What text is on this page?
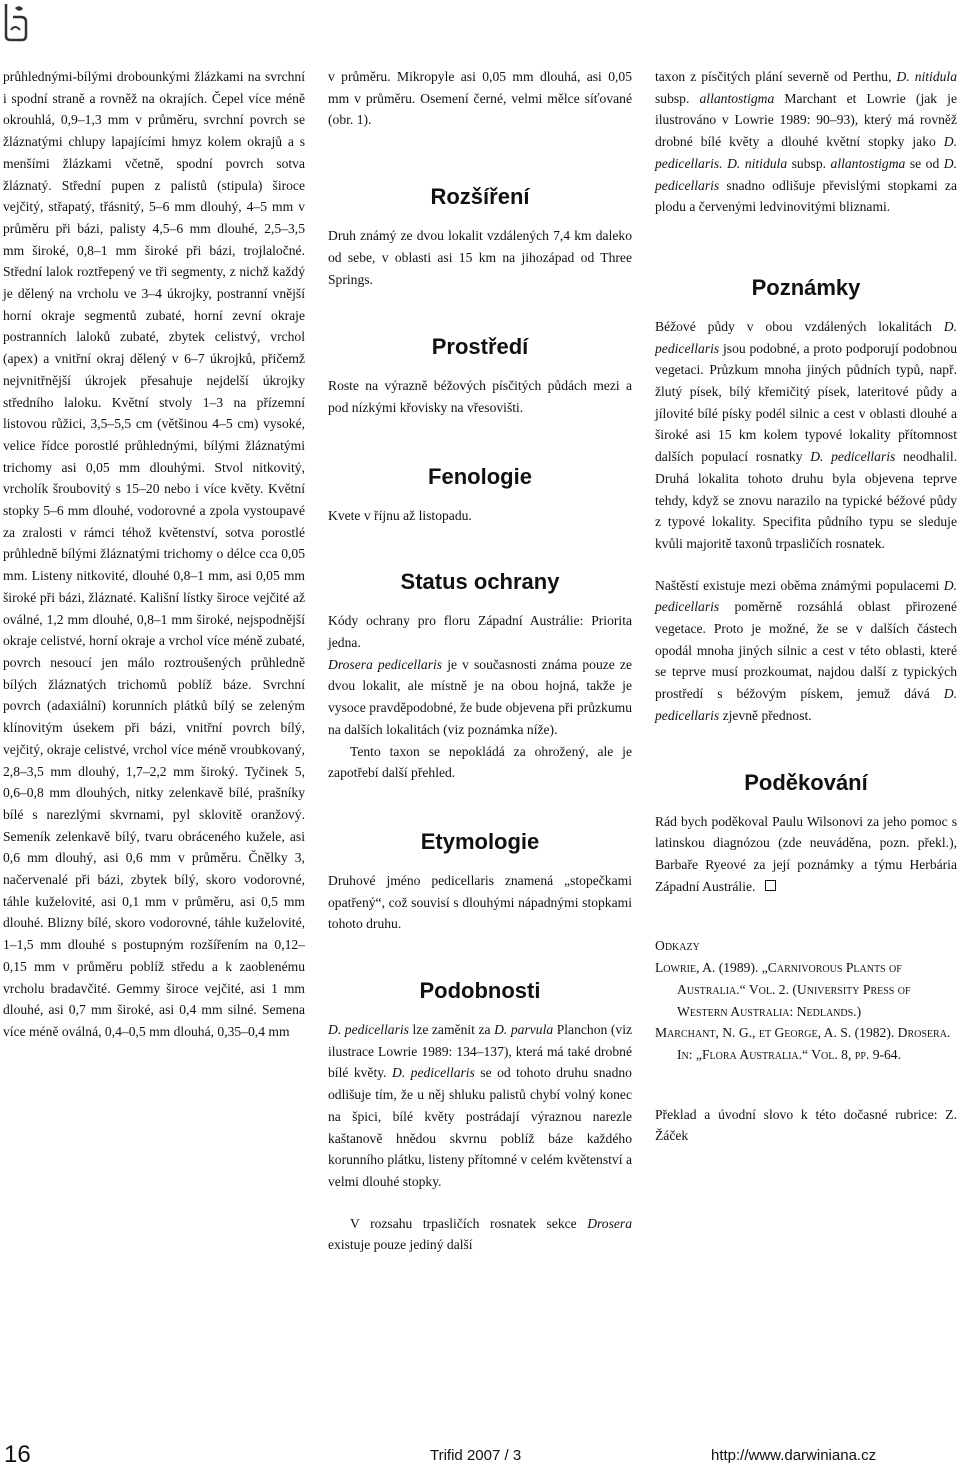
průhlednými-bílými drobounkými žlázkami na svrchní i spodní straně a rovněž na okrajích. Čepel více méně okrouhlá, 0,9–1,3 mm v průměru, svrchní povrch se žláznatými chlupy lapajícími hmyz kolem okrajů a s menšími žlázkami včetně, spodní povrch sotva žláznatý. Střední pupen z palistů (stipula) široce vejčitý, střapatý, třásnitý, 5–6 mm dlouhý, 4–5 mm v průměru při bázi, palisty 4,5–6 mm dlouhé, 2,5–3,5 mm široké, 0,8–1 mm široké při bázi, trojlaločné. Střední lalok roztřepený ve tři segmenty, z nichž každý je dělený na vrcholu ve 3–4 úkrojky, postranní vnější horní okraje segmentů zubaté, horní zevní okraje postranních laloků zubaté, zbytek celistvý, vrchol (apex) a vnitřní okraj dělený v 6–7 úkrojků, přičemž nejvnitřnější úkrojek přesahuje nejdelší úkrojky středního laloku. Květní stvoly 1–3 na přízemní listovou růžici, 3,5–5,5 cm (většinou 4–5 cm) vysoké, velice řídce porostlé průhlednými, bílými žláznatými trichomy asi 0,05 mm dlouhými. Stvol nitkovitý, vrcholík šroubovitý s 15–20 nebo i více květy. Květní stopky 5–6 mm dlouhé, vodorovné a zpola vystoupavé za zralosti v rámci téhož květenství, sotva porostlé průhledně bílými žláznatými trichomy o délce cca 0,05 mm. Listeny nitkovité, dlouhé 0,8–1 mm, asi 0,05 mm široké při bázi, žláznaté. Kališní lístky široce vejčité až oválné, 1,2 mm dlouhé, 0,8–1 mm široké, nejspodnější okraje celistvé, horní okraje a vrchol více méně zubaté, povrch nesoucí jen málo roztroušených průhledně bílých žláznatých trichomů poblíž báze. Svrchní povrch (adaxiální) korunních plátků bílý se zeleným klínovitým úsekem při bázi, vnitřní povrch bílý, vejčitý, okraje celistvé, vrchol více méně vroubkovaný, 2,8–3,5 mm dlouhý, 1,7–2,2 mm široký. Tyčinek 5, 0,6–0,8 mm dlouhých, nitky zelenkavě bílé, prašníky bílé s narezlými skvrnami, pyl sklovitě oranžový. Semeník zelenkavě bílý, tvaru obráceného kužele, asi 0,6 mm dlouhý, asi 0,6 mm v průměru. Čnělky 3, načervenalé při bázi, zbytek bílý, skoro vodorovné, táhle kuželovité, asi 0,1 mm v průměru, asi 0,5 mm dlouhé. Blizny bílé, skoro vodorovné, táhle kuželovité, 1–1,5 mm dlouhé s postupným rozšířením na 0,12–0,15 mm v průměru poblíž středu a k zaoblenému vrcholu bradavčité. Gemmy široce vejčité, asi 1 mm dlouhé, asi 0,7 mm široké, asi 0,4 mm silné. Semena více méně oválná, 0,4–0,5 mm dlouhá, 0,35–0,4 mm

v průměru. Mikropyle asi 0,05 mm dlouhá, asi 0,05 mm v průměru. Osemení černé, velmi mělce síťované (obr. 1).

Rozšíření

Druh známý ze dvou lokalit vzdálených 7,4 km daleko od sebe, v oblasti asi 15 km na jihozápad od Three Springs.

Prostředí

Roste na výrazně béžových písčitých půdách mezi a pod nízkými křovisky na vřesovišti.

Fenologie

Kvete v říjnu až listopadu.

Status ochrany

Kódy ochrany pro floru Západní Austrálie: Priorita jedna.

Drosera pedicellaris je v současnosti známa pouze ze dvou lokalit, ale místně je na obou hojná, takže je vysoce pravděpodobné, že bude objevena při průzkumu na dalších lokalitách (viz poznámka níže).

Tento taxon se nepokládá za ohrožený, ale je zapotřebí další přehled.

Etymologie

Druhové jméno pedicellaris znamená „stopečkami opatřený“, což souvisí s dlouhými nápadnými stopkami tohoto druhu.

Podobnosti

D. pedicellaris lze zaměnit za D. parvula Planchon (viz ilustrace Lowrie 1989: 134–137), která má také drobné bílé květy. D. pedicellaris se od tohoto druhu snadno odlišuje tím, že u něj shluku palistů chybí volný konec na špici, bílé květy postrádají výraznou narezle kaštanově hnědou skvrnu poblíž báze každého korunního plátku, listeny přítomné v celém květenství a velmi dlouhé stopky.

V rozsahu trpasličích rosnatek sekce Drosera existuje pouze jediný další

taxon z písčitých plání severně od Perthu, D. nitidula subsp. allantostigma Marchant et Lowrie (jak je ilustrováno v Lowrie 1989: 90–93), který má rovněž drobné bílé květy a dlouhé květní stopky jako D. pedicellaris. D. nitidula subsp. allantostigma se od D. pedicellaris snadno odlišuje převislými stopkami za plodu a červenými ledvinovitými bliznami.

Poznámky

Béžové půdy v obou vzdálených lokalitách D. pedicellaris jsou podobné, a proto podporují podobnou vegetaci. Průzkum mnoha jiných půdních typů, např. žlutý písek, bílý křemičitý písek, lateritové půdy a jílovité bílé písky podél silnic a cest v oblasti dlouhé a široké asi 15 km kolem typové lokality přítomnost dalších populací rosnatky D. pedicellaris neodhalil. Druhá lokalita tohoto druhu byla objevena teprve tehdy, když se znovu narazilo na typické béžové půdy z typové lokality. Specifita půdního typu se sleduje kvůli majoritě taxonů trpasličích rosnatek.

Naštěstí existuje mezi oběma známými populacemi D. pedicellaris poměrně rozsáhlá oblast přirozené vegetace. Proto je možné, že se v dalších částech opodál mnoha jiných silnic a cest v této oblasti, které se teprve musí prozkoumat, najdou další z typických prostředí s béžovým pískem, jemuž dává D. pedicellaris zjevně přednost.

Poděkování

Rád bych poděkoval Paulu Wilsonovi za jeho pomoc s latinskou diagnózou (zde neuváděna, pozn. překl.), Barbaře Ryeové za její poznámky a týmu Herbária Západní Austrálie.

Odkazy

Lowrie, A. (1989). „Carnivorous Plants of Australia.“ Vol. 2. (University Press of Western Australia: Nedlands.)

Marchant, N. G., et George, A. S. (1982). Drosera. In: „Flora Australia.“ Vol. 8, pp. 9-64.

Překlad a úvodní slovo k této dočasné rubrice: Z. Žáček

16	Trifid 2007 / 3	http://www.darwiniana.cz
